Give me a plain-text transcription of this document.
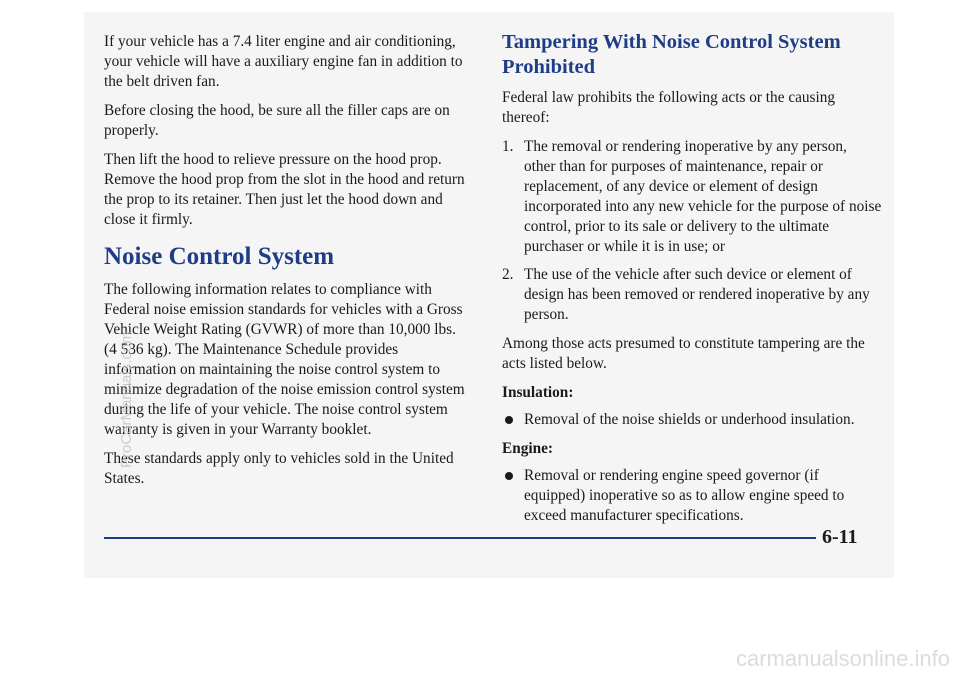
If your vehicle has a 7.4 liter engine and air conditioning, your vehicle will have a auxiliary engine fan in addition to the belt driven fan.

Before closing the hood, be sure all the filler caps are on properly.

Then lift the hood to relieve pressure on the hood prop. Remove the hood prop from the slot in the hood and return the prop to its retainer. Then just let the hood down and close it firmly.

Noise Control System

The following information relates to compliance with Federal noise emission standards for vehicles with a Gross Vehicle Weight Rating (GVWR) of more than 10,000 lbs. (4 536 kg). The Maintenance Schedule provides information on maintaining the noise control system to minimize degradation of the noise emission control system during the life of your vehicle. The noise control system warranty is given in your Warranty booklet.

These standards apply only to vehicles sold in the United States.

Tampering With Noise Control System Prohibited

Federal law prohibits the following acts or the causing thereof:

1. The removal or rendering inoperative by any person, other than for purposes of maintenance, repair or replacement, of any device or element of design incorporated into any new vehicle for the purpose of noise control, prior to its sale or delivery to the ultimate purchaser or while it is in use; or
2. The use of the vehicle after such device or element of design has been removed or rendered inoperative by any person.

Among those acts presumed to constitute tampering are the acts listed below.

Insulation:
Removal of the noise shields or underhood insulation.
Engine:
Removal or rendering engine speed governor (if equipped) inoperative so as to allow engine speed to exceed manufacturer specifications.
6-11
ProCarManuals.com
carmanualsonline.info
